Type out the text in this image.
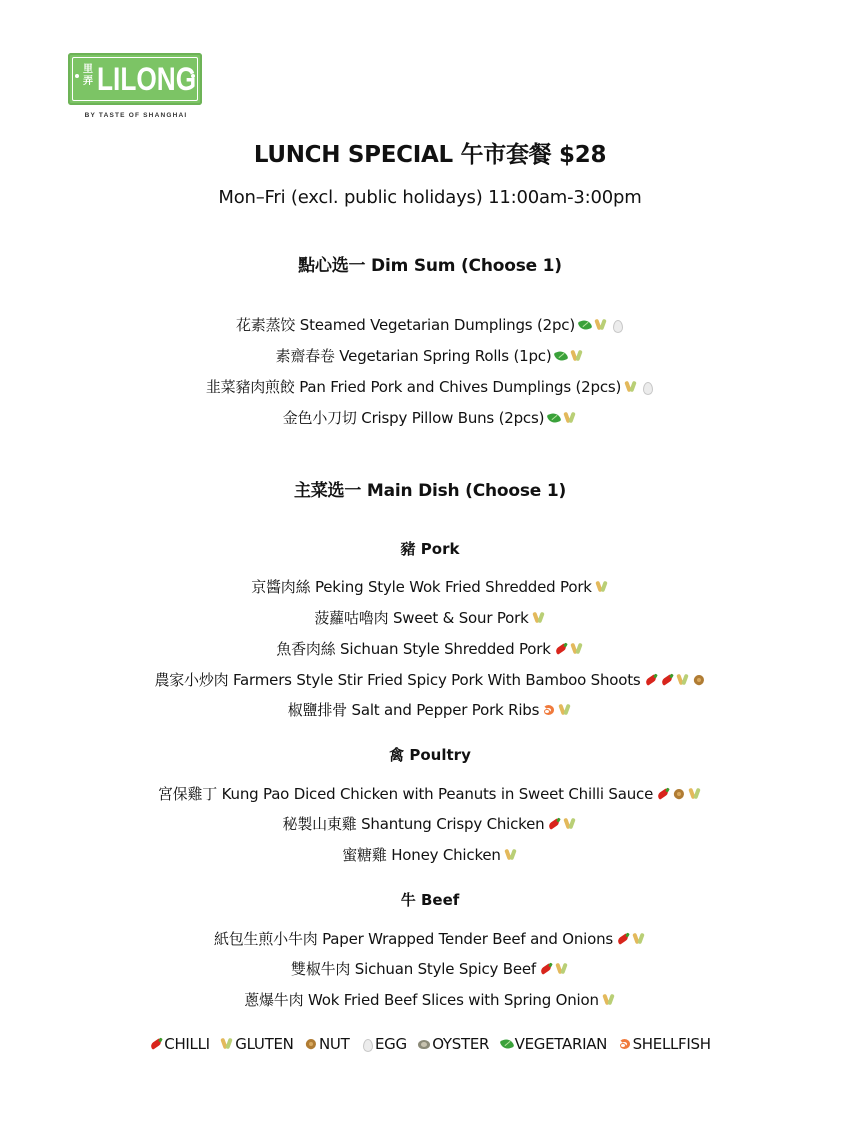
里弄 LILONG
BY TASTE OF SHANGHAI
LUNCH SPECIAL 午市套餐 $28
Mon–Fri (excl. public holidays) 11:00am-3:00pm
點心选一 Dim Sum (Choose 1)
花素蒸饺 Steamed Vegetarian Dumplings (2pc)
素齋春卷 Vegetarian Spring Rolls (1pc)
韭菜豬肉煎餃 Pan Fried Pork and Chives Dumplings (2pcs)
金色小刀切 Crispy Pillow Buns (2pcs)
主菜选一 Main Dish (Choose 1)
豬 Pork
京醬肉絲 Peking Style Wok Fried Shredded Pork
菠蘿咕嚕肉 Sweet & Sour Pork
魚香肉絲 Sichuan Style Shredded Pork
農家小炒肉 Farmers Style Stir Fried Spicy Pork With Bamboo Shoots
椒鹽排骨 Salt and Pepper Pork Ribs
禽 Poultry
宮保雞丁 Kung Pao Diced Chicken with Peanuts in Sweet Chilli Sauce
秘製山東雞 Shantung Crispy Chicken
蜜糖雞 Honey Chicken
牛 Beef
紙包生煎小牛肉 Paper Wrapped Tender Beef and Onions
雙椒牛肉 Sichuan Style Spicy Beef
蔥爆牛肉 Wok Fried Beef Slices with Spring Onion
CHILLI
GLUTEN
NUT
EGG
OYSTER
VEGETARIAN
SHELLFISH
